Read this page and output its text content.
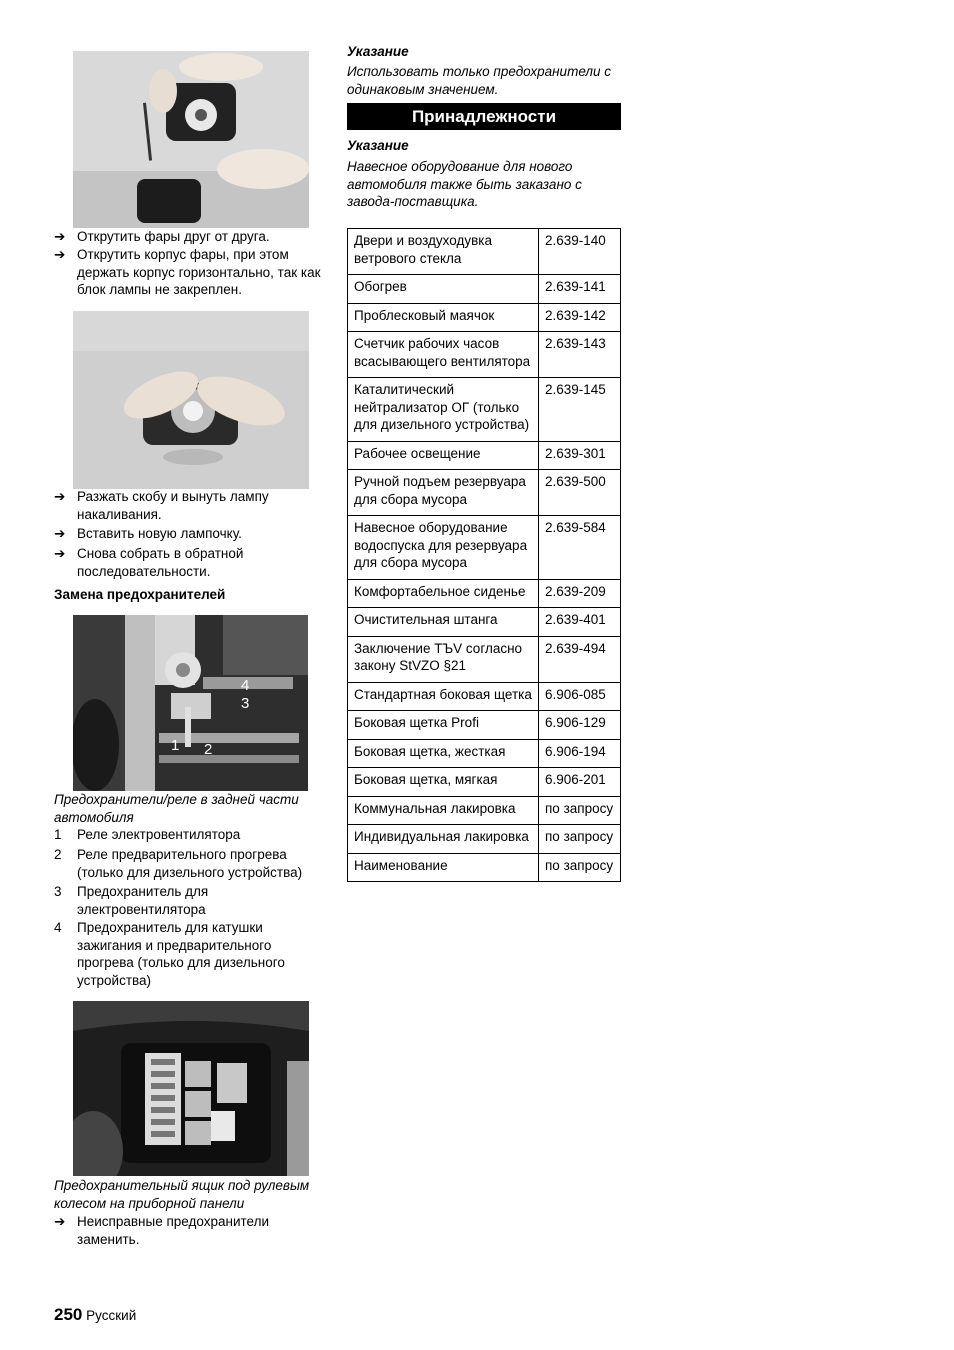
➔ Открутить фары друг от друга.
➔ Открутить корпус фары, при этом держать корпус горизонтально, так как блок лампы не закреплен.
➔ Разжать скобу и вынуть лампу накаливания.
➔ Вставить новую лампочку.
➔ Снова собрать в обратной последовательности.
Замена предохранителей
4
3
1 2
Предохранители/реле в задней части автомобиля
1 Реле электровентилятора
2 Реле предварительного прогрева (только для дизельного устройства)
3 Предохранитель для электровентилятора
4 Предохранитель для катушки зажигания и предварительного прогрева (только для дизельного устройства)
Предохранительный ящик под рулевым колесом на приборной панели
➔ Неисправные предохранители заменить.
Указание
Использовать только предохранители с одинаковым значением.
Принадлежности
Указание
Навесное оборудование для нового автомобиля также быть заказано с завода-поставщика.
Двери и воздуходувка ветрового стекла	2.639-140
Обогрев	2.639-141
Проблесковый маячок	2.639-142
Счетчик рабочих часов всасывающего вентилятора	2.639-143
Каталитический нейтрализатор ОГ (только для дизельного устройства)	2.639-145
Рабочее освещение	2.639-301
Ручной подъем резервуара для сбора мусора	2.639-500
Навесное оборудование водоспуска для резервуара для сбора мусора	2.639-584
Комфортабельное сиденье	2.639-209
Очистительная штанга	2.639-401
Заключение TЪV согласно закону StVZO §21	2.639-494
Стандартная боковая щетка	6.906-085
Боковая щетка Profi	6.906-129
Боковая щетка, жесткая	6.906-194
Боковая щетка, мягкая	6.906-201
Коммунальная лакировка	по запросу
Индивидуальная лакировка	по запросу
Наименование	по запросу
250 Русский
